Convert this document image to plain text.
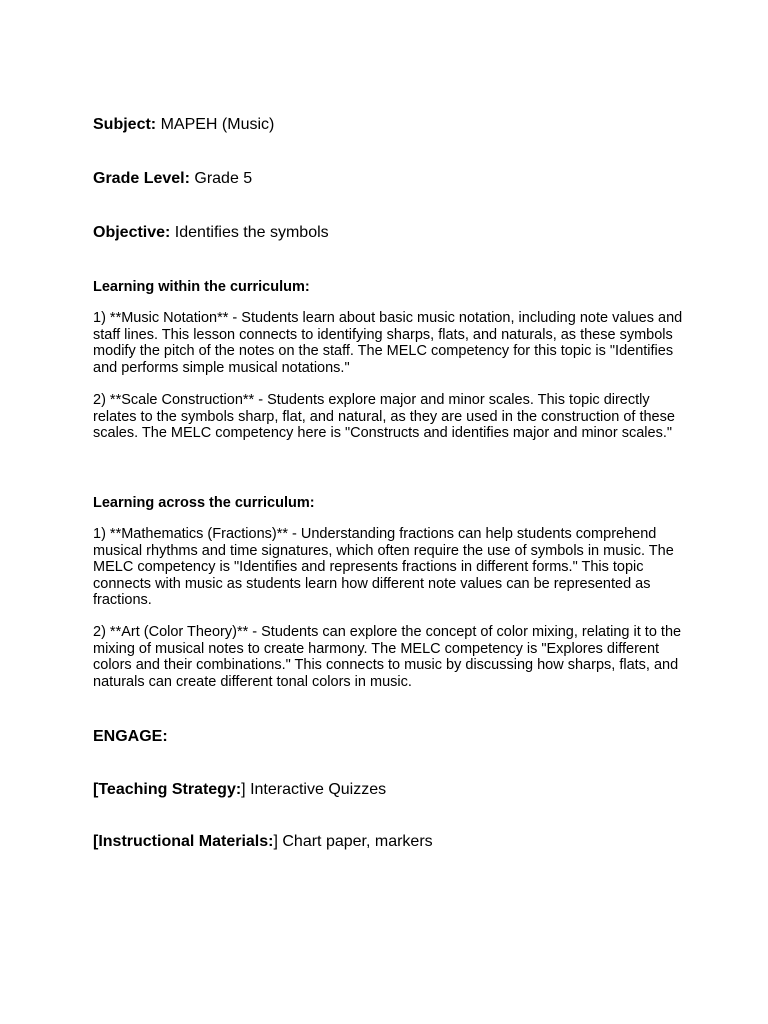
Subject: MAPEH (Music)
Grade Level: Grade 5
Objective: Identifies the symbols
Learning within the curriculum:
1) **Music Notation** - Students learn about basic music notation, including note values and staff lines. This lesson connects to identifying sharps, flats, and naturals, as these symbols modify the pitch of the notes on the staff. The MELC competency for this topic is "Identifies and performs simple musical notations."
2) **Scale Construction** - Students explore major and minor scales. This topic directly relates to the symbols sharp, flat, and natural, as they are used in the construction of these scales. The MELC competency here is "Constructs and identifies major and minor scales."
Learning across the curriculum:
1) **Mathematics (Fractions)** - Understanding fractions can help students comprehend musical rhythms and time signatures, which often require the use of symbols in music. The MELC competency is "Identifies and represents fractions in different forms." This topic connects with music as students learn how different note values can be represented as fractions.
2) **Art (Color Theory)** - Students can explore the concept of color mixing, relating it to the mixing of musical notes to create harmony. The MELC competency is "Explores different colors and their combinations." This connects to music by discussing how sharps, flats, and naturals can create different tonal colors in music.
ENGAGE:
[Teaching Strategy:] Interactive Quizzes
[Instructional Materials:] Chart paper, markers
